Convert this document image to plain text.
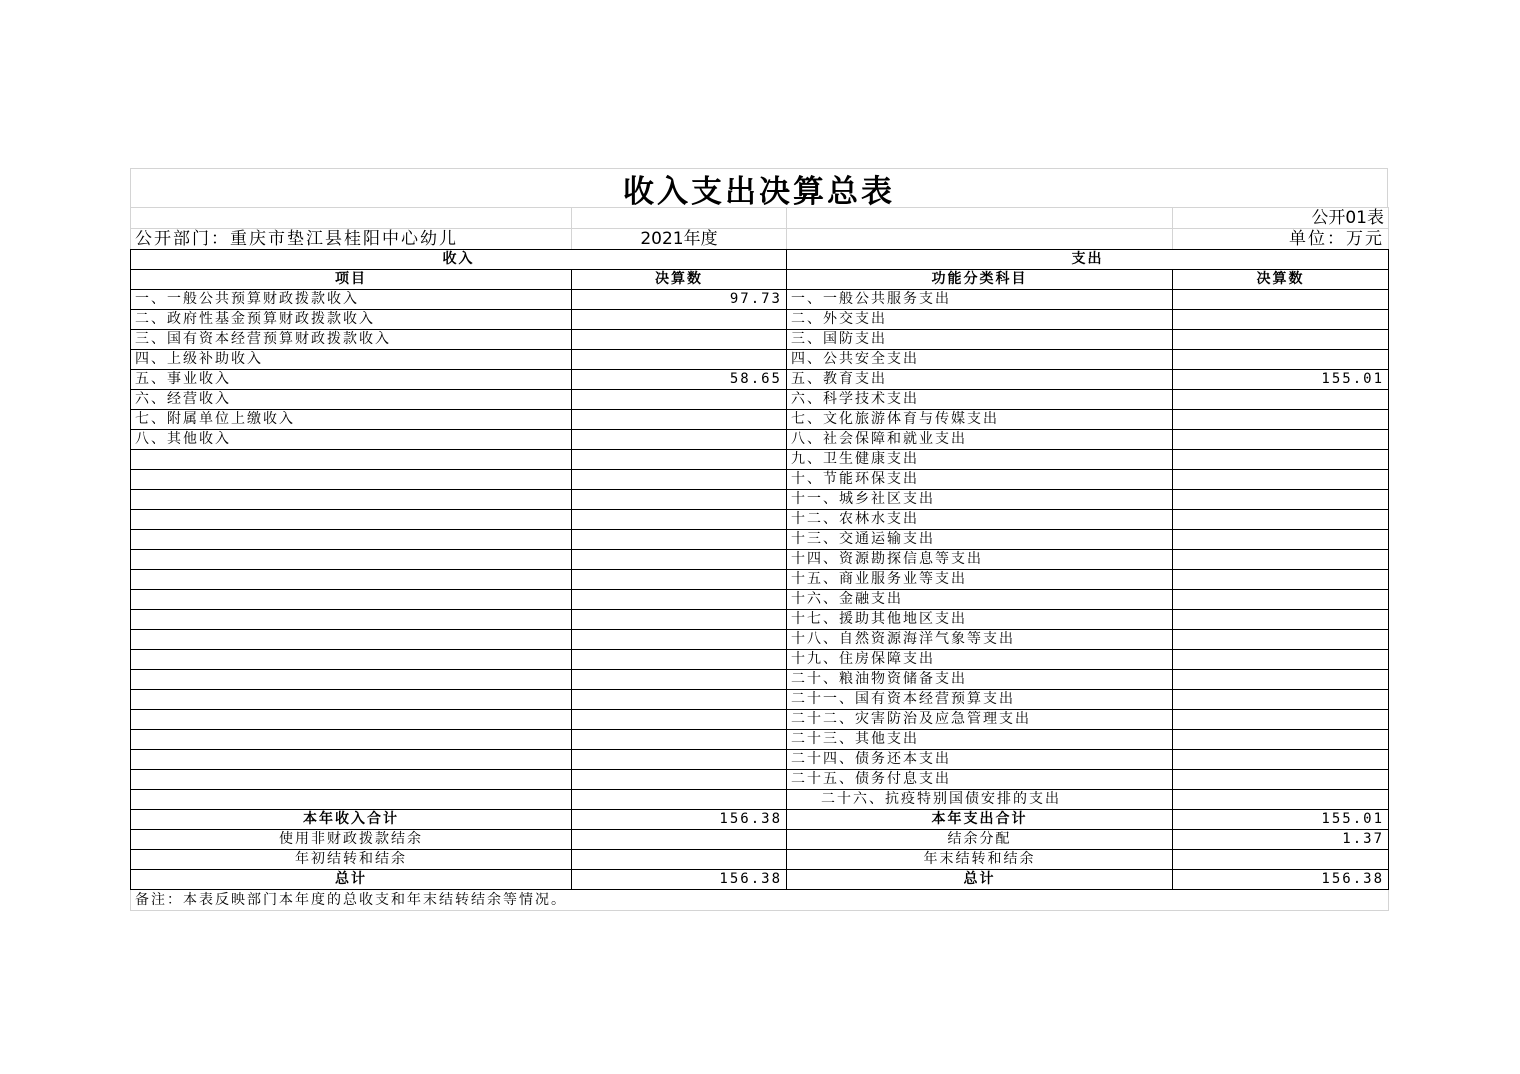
收入支出决算总表
			公开01表
公开部门：重庆市垫江县桂阳中心幼儿	2021年度		单位：万元
收入		支出	
项目	决算数	功能分类科目	决算数
一、一般公共预算财政拨款收入	97.73	一、一般公共服务支出	
二、政府性基金预算财政拨款收入		二、外交支出	
三、国有资本经营预算财政拨款收入		三、国防支出	
四、上级补助收入		四、公共安全支出	
五、事业收入	58.65	五、教育支出	155.01
六、经营收入		六、科学技术支出	
七、附属单位上缴收入		七、文化旅游体育与传媒支出	
八、其他收入		八、社会保障和就业支出	
		九、卫生健康支出	
		十、节能环保支出	
		十一、城乡社区支出	
		十二、农林水支出	
		十三、交通运输支出	
		十四、资源勘探信息等支出	
		十五、商业服务业等支出	
		十六、金融支出	
		十七、援助其他地区支出	
		十八、自然资源海洋气象等支出	
		十九、住房保障支出	
		二十、粮油物资储备支出	
		二十一、国有资本经营预算支出	
		二十二、灾害防治及应急管理支出	
		二十三、其他支出	
		二十四、债务还本支出	
		二十五、债务付息支出	
		二十六、抗疫特别国债安排的支出	
本年收入合计	156.38	本年支出合计	155.01
使用非财政拨款结余		结余分配	1.37
年初结转和结余		年末结转和结余	
总计	156.38	总计	156.38
备注：本表反映部门本年度的总收支和年末结转结余等情况。			
